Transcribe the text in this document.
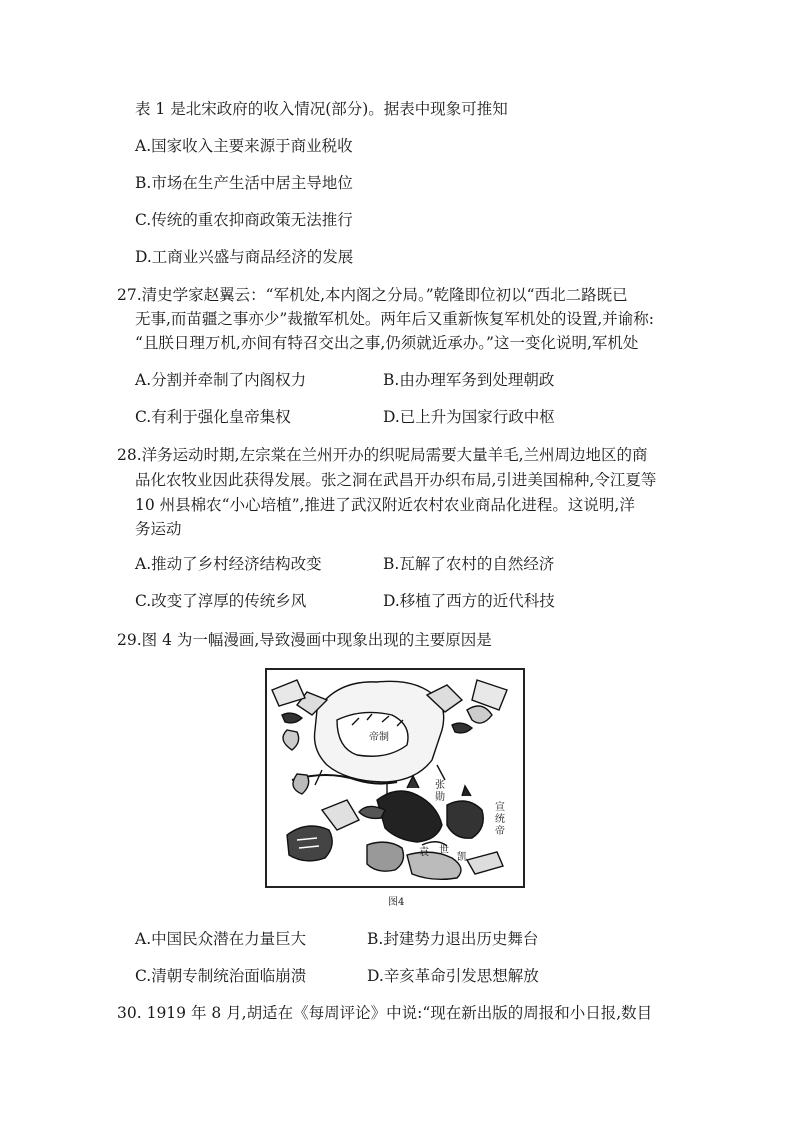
表 1 是北宋政府的收入情况(部分)。据表中现象可推知
A.国家收入主要来源于商业税收
B.市场在生产生活中居主导地位
C.传统的重农抑商政策无法推行
D.工商业兴盛与商品经济的发展
27.清史学家赵翼云：“军机处,本内阁之分局。”乾隆即位初以“西北二路既已
无事,而苗疆之事亦少”裁撤军机处。两年后又重新恢复军机处的设置,并谕称:
“且朕日理万机,亦间有特召交出之事,仍须就近承办。”这一变化说明,军机处
A.分割并牵制了内阁权力	B.由办理军务到处理朝政
C.有利于强化皇帝集权	D.已上升为国家行政中枢
28.洋务运动时期,左宗棠在兰州开办的织呢局需要大量羊毛,兰州周边地区的商
品化农牧业因此获得发展。张之洞在武昌开办织布局,引进美国棉种,令江夏等
10 州县棉农“小心培植”,推进了武汉附近农村农业商品化进程。这说明,洋
务运动
A.推动了乡村经济结构改变	B.瓦解了农村的自然经济
C.改变了淳厚的传统乡风	D.移植了西方的近代科技
29.图 4 为一幅漫画,导致漫画中现象出现的主要原因是
帝制
张
勋
宣
统
帝
袁 世
凯
图4
A.中国民众潜在力量巨大	B.封建势力退出历史舞台
C.清朝专制统治面临崩溃	D.辛亥革命引发思想解放
30. 1919 年 8 月,胡适在《每周评论》中说:“现在新出版的周报和小日报,数目
